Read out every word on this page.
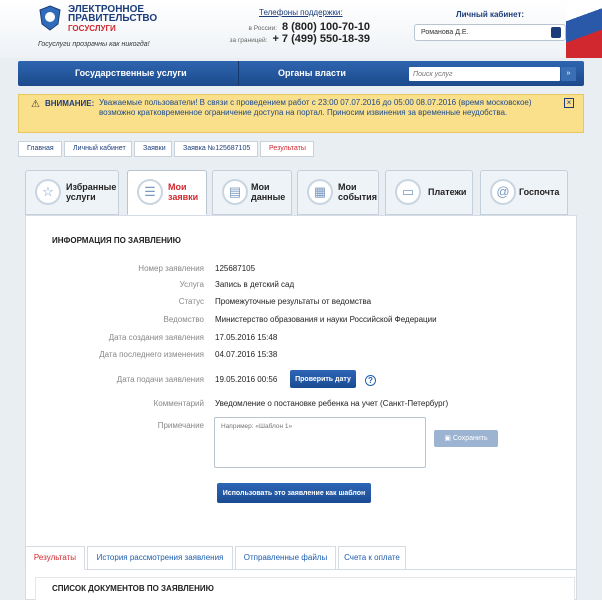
ЭЛЕКТРОННОЕ
ПРАВИТЕЛЬСТВО
ГОСУСЛУГИ
Госуслуги прозрачны как никогда!
Телефоны поддержки:
в России: 8 (800) 100-70-10
за границей: + 7 (499) 550-18-39
Личный кабинет:
Романова Д.Е.
Государственные услуги	Органы власти
Поиск услуг	»
⚠ ВНИМАНИЕ: Уважаемые пользователи! В связи с проведением работ с 23:00 07.07.2016 до 05:00 08.07.2016 (время московское) возможно кратковременное ограничение доступа на портал. Приносим извинения за временные неудобства.
×
Главная	Личный кабинет	Заявки	Заявка №125687105	Результаты
☆	Избранные
услуги	☰	Мои
заявки	▤	Мои
данные	▦	Мои
события	▭	Платежи	@	Госпочта
ИНФОРМАЦИЯ ПО ЗАЯВЛЕНИЮ
Номер заявления 125687105
Услуга Запись в детский сад
Статус Промежуточные результаты от ведомства
Ведомство Министерство образования и науки Российской Федерации
Дата создания заявления 17.05.2016 15:48
Дата последнего изменения 04.07.2016 15:38
Дата подачи заявления 19.05.2016 00:56
Комментарий Уведомление о постановке ребенка на учет (Санкт-Петербург)
Примечание
Проверить дату	?
Например: «Шаблон 1»
▣ Сохранить
Использовать это заявление как шаблон
Результаты	История рассмотрения заявления	Отправленные файлы	Счета к оплате
СПИСОК ДОКУМЕНТОВ ПО ЗАЯВЛЕНИЮ
